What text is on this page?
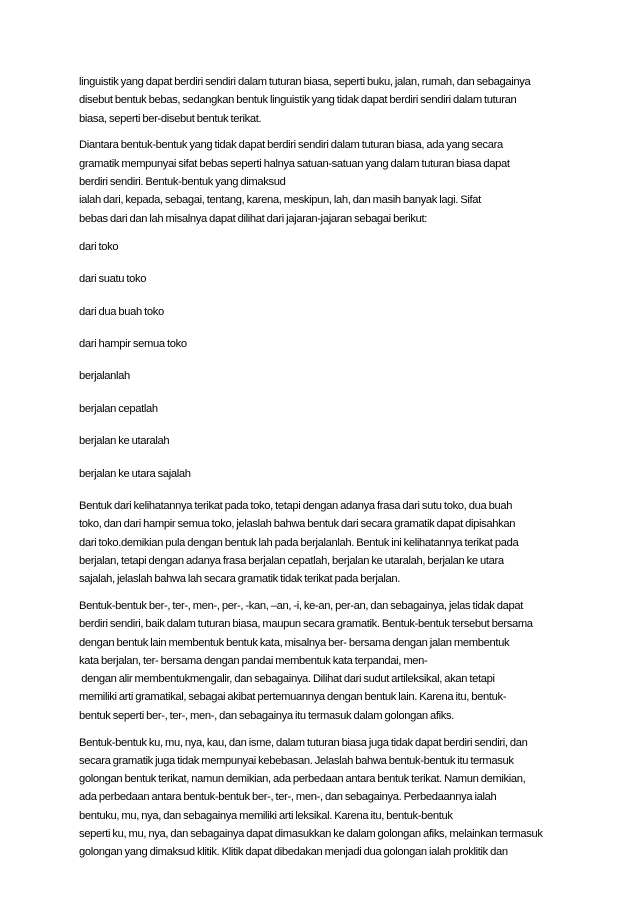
linguistik yang dapat berdiri sendiri dalam tuturan biasa, seperti buku, jalan, rumah, dan sebagainya
disebut bentuk bebas, sedangkan bentuk linguistik yang tidak dapat berdiri sendiri dalam tuturan
biasa, seperti ber-disebut bentuk terikat.

Diantara bentuk-bentuk yang tidak dapat berdiri sendiri dalam tuturan biasa, ada yang secara
gramatik mempunyai sifat bebas seperti halnya satuan-satuan yang dalam tuturan biasa dapat
berdiri sendiri. Bentuk-bentuk yang dimaksud
ialah dari, kepada, sebagai, tentang, karena, meskipun, lah, dan masih banyak lagi. Sifat
bebas dari dan lah misalnya dapat dilihat dari jajaran-jajaran sebagai berikut:

dari toko
dari suatu toko
dari dua buah toko
dari hampir semua toko
berjalanlah
berjalan cepatlah
berjalan ke utaralah
berjalan ke utara sajalah

Bentuk dari kelihatannya terikat pada toko, tetapi dengan adanya frasa dari sutu toko, dua buah
toko, dan dari hampir semua toko, jelaslah bahwa bentuk dari secara gramatik dapat dipisahkan
dari toko.demikian pula dengan bentuk lah pada berjalanlah. Bentuk ini kelihatannya terikat pada
berjalan, tetapi dengan adanya frasa berjalan cepatlah, berjalan ke utaralah, berjalan ke utara
sajalah, jelaslah bahwa lah secara gramatik tidak terikat pada berjalan.

Bentuk-bentuk ber-, ter-, men-, per-, -kan, –an, -i, ke-an, per-an, dan sebagainya, jelas tidak dapat
berdiri sendiri, baik dalam tuturan biasa, maupun secara gramatik. Bentuk-bentuk tersebut bersama
dengan bentuk lain membentuk bentuk kata, misalnya ber- bersama dengan jalan membentuk
kata berjalan, ter- bersama dengan pandai membentuk kata terpandai, men-
dengan alir membentukmengalir, dan sebagainya. Dilihat dari sudut artileksikal, akan tetapi
memiliki arti gramatikal, sebagai akibat pertemuannya dengan bentuk lain. Karena itu, bentuk-
bentuk seperti ber-, ter-, men-, dan sebagainya itu termasuk dalam golongan afiks.

Bentuk-bentuk ku, mu, nya, kau, dan isme, dalam tuturan biasa juga tidak dapat berdiri sendiri, dan
secara gramatik juga tidak mempunyai kebebasan. Jelaslah bahwa bentuk-bentuk itu termasuk
golongan bentuk terikat, namun demikian, ada perbedaan antara bentuk terikat. Namun demikian,
ada perbedaan antara bentuk-bentuk ber-, ter-, men-, dan sebagainya. Perbedaannya ialah
bentuku, mu, nya, dan sebagainya memiliki arti leksikal. Karena itu, bentuk-bentuk
seperti ku, mu, nya, dan sebagainya dapat dimasukkan ke dalam golongan afiks, melainkan termasuk
golongan yang dimaksud klitik. Klitik dapat dibedakan menjadi dua golongan ialah proklitik dan
